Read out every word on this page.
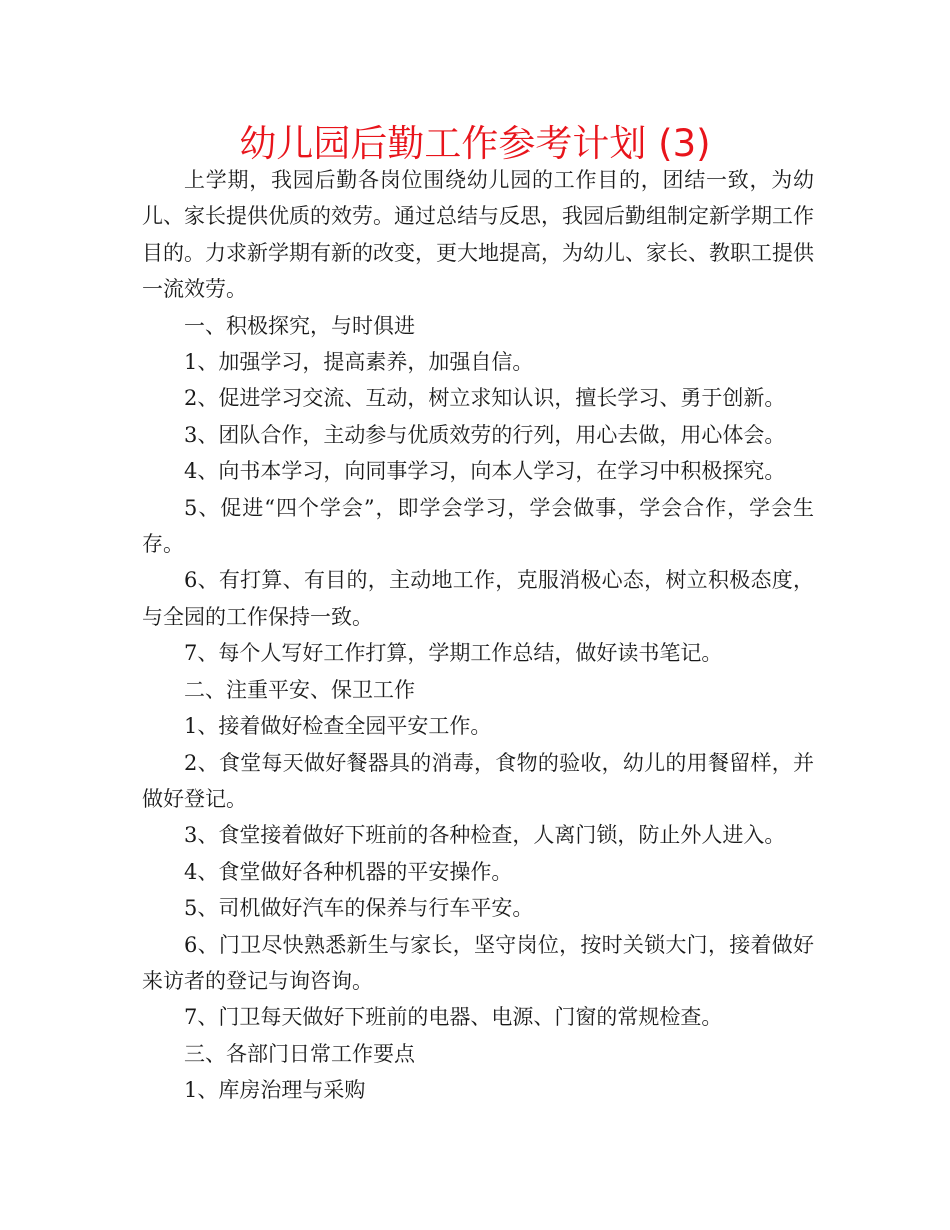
幼儿园后勤工作参考计划 (3)

上学期，我园后勤各岗位围绕幼儿园的工作目的，团结一致，为幼儿、家长提供优质的效劳。通过总结与反思，我园后勤组制定新学期工作目的。力求新学期有新的改变，更大地提高，为幼儿、家长、教职工提供一流效劳。

一、积极探究，与时俱进

1、加强学习，提高素养，加强自信。

2、促进学习交流、互动，树立求知认识，擅长学习、勇于创新。

3、团队合作，主动参与优质效劳的行列，用心去做，用心体会。

4、向书本学习，向同事学习，向本人学习，在学习中积极探究。

5、促进“四个学会”，即学会学习，学会做事，学会合作，学会生存。

6、有打算、有目的，主动地工作，克服消极心态，树立积极态度，与全园的工作保持一致。

7、每个人写好工作打算，学期工作总结，做好读书笔记。

二、注重平安、保卫工作

1、接着做好检查全园平安工作。

2、食堂每天做好餐器具的消毒，食物的验收，幼儿的用餐留样，并做好登记。

3、食堂接着做好下班前的各种检查，人离门锁，防止外人进入。

4、食堂做好各种机器的平安操作。

5、司机做好汽车的保养与行车平安。

6、门卫尽快熟悉新生与家长，坚守岗位，按时关锁大门，接着做好来访者的登记与询咨询。

7、门卫每天做好下班前的电器、电源、门窗的常规检查。

三、各部门日常工作要点

1、库房治理与采购
